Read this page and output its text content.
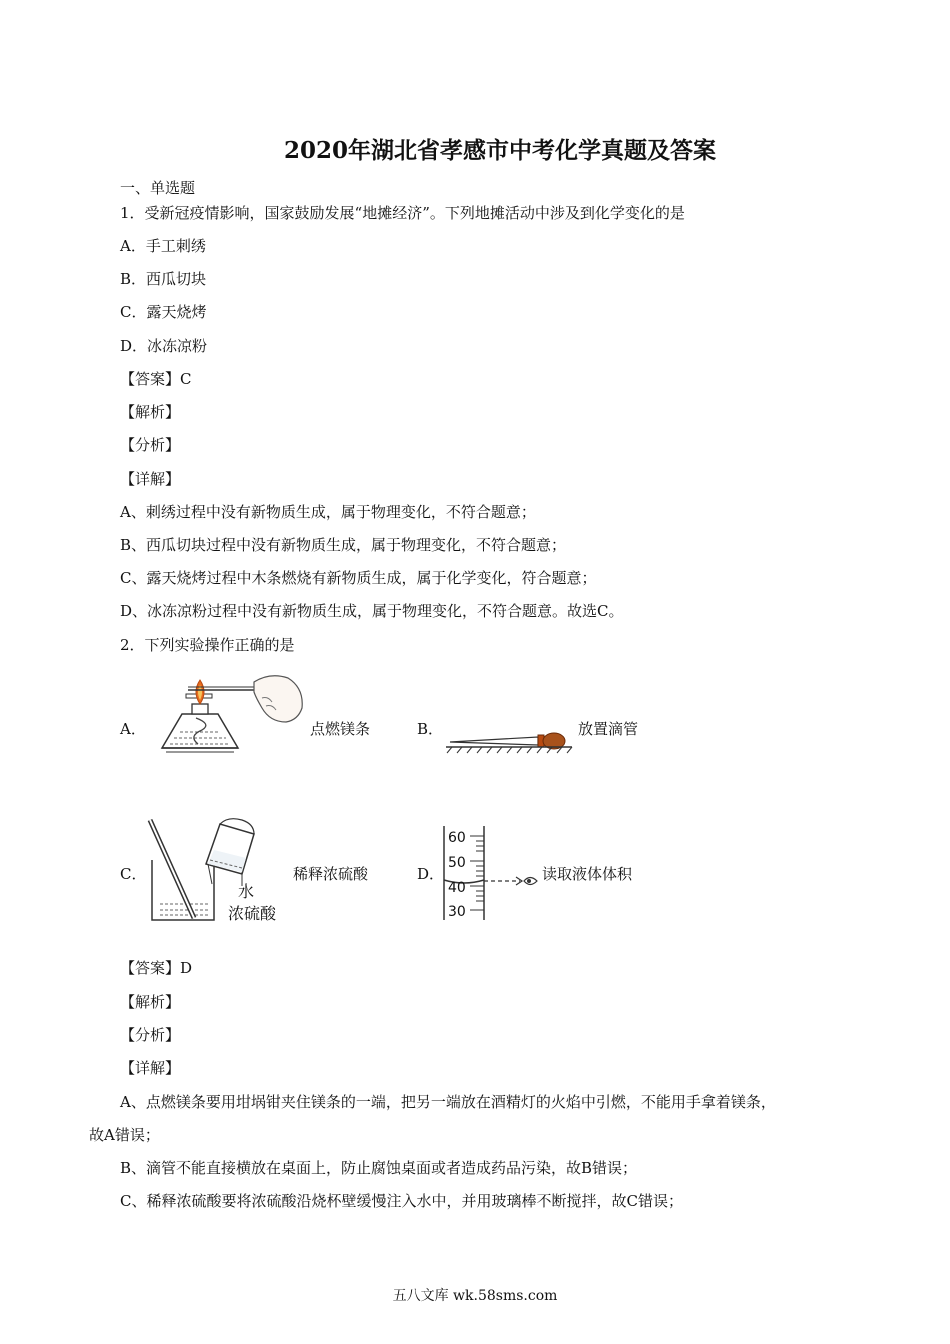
2020年湖北省孝感市中考化学真题及答案
一、单选题
1．受新冠疫情影响，国家鼓励发展“地摊经济”。下列地摊活动中涉及到化学变化的是
A．手工刺绣
B．西瓜切块
C．露天烧烤
D．冰冻凉粉
【答案】C
【解析】
【分析】
【详解】
A、刺绣过程中没有新物质生成，属于物理变化，不符合题意；
B、西瓜切块过程中没有新物质生成，属于物理变化，不符合题意；
C、露天烧烤过程中木条燃烧有新物质生成，属于化学变化，符合题意；
D、冰冻凉粉过程中没有新物质生成，属于物理变化，不符合题意。故选C。
2．下列实验操作正确的是
A．	点燃镁条	B．	放置滴管
C．
水
浓硫酸
稀释浓硫酸	D．
60
50
40
30
读取液体体积
【答案】D
【解析】
【分析】
【详解】
A、点燃镁条要用坩埚钳夹住镁条的一端，把另一端放在酒精灯的火焰中引燃，不能用手拿着镁条，
故A错误；
B、滴管不能直接横放在桌面上，防止腐蚀桌面或者造成药品污染，故B错误；
C、稀释浓硫酸要将浓硫酸沿烧杯壁缓慢注入水中，并用玻璃棒不断搅拌，故C错误；
五八文库 wk.58sms.com
